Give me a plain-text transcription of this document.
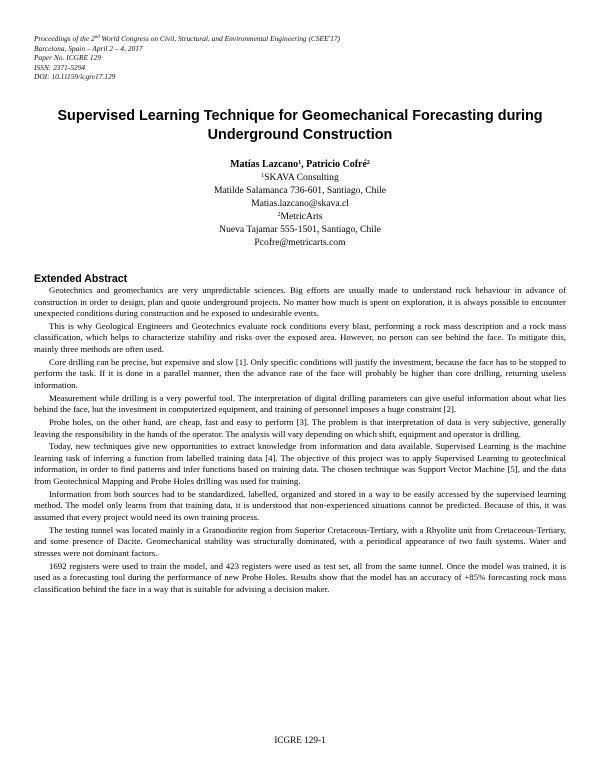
Proceedings of the 2nd World Congress on Civil, Structural, and Environmental Engineering (CSEE'17)
Barcelona, Spain – April 2 – 4, 2017
Paper No. ICGRE 129
ISSN: 2371-5294
DOI: 10.11159/icgre17.129
Supervised Learning Technique for Geomechanical Forecasting during
Underground Construction
Matías Lazcano$^1$, Patricio Cofré$^2$
$^1$SKAVA Consulting
Matilde Salamanca 736-601, Santiago, Chile
Matias.lazcano@skava.cl
$^2$MetricArts
Nueva Tajamar 555-1501, Santiago, Chile
Pcofre@metricarts.com
Extended Abstract

Geotechnics and geomechanics are very unpredictable sciences. Big efforts are usually made to understand rock behaviour in advance of construction in order to design, plan and quote underground projects. No matter how much is spent on exploration, it is always possible to encounter unexpected conditions during construction and be exposed to undesirable events.

This is why Geological Engineers and Geotechnics evaluate rock conditions every blast, performing a rock mass description and a rock mass classification, which helps to characterize stability and risks over the exposed area. However, no person can see behind the face. To mitigate this, mainly three methods are often used.

Core drilling can be precise, but expensive and slow [1]. Only specific conditions will justify the investment, because the face has to be stopped to perform the task. If it is done in a parallel manner, then the advance rate of the face will probably be higher than core drilling, returning useless information.

Measurement while drilling is a very powerful tool. The interpretation of digital drilling parameters can give useful information about what lies behind the face, but the investment in computerized equipment, and training of personnel imposes a huge constraint [2].

Probe holes, on the other hand, are cheap, fast and easy to perform [3]. The problem is that interpretation of data is very subjective, generally leaving the responsibility in the hands of the operator. The analysis will vary depending on which shift, equipment and operator is drilling.

Today, new techniques give new opportunities to extract knowledge from information and data available. Supervised Learning is the machine learning task of inferring a function from labelled training data [4]. The objective of this project was to apply Supervised Learning to geotechnical information, in order to find patterns and infer functions based on training data. The chosen technique was Support Vector Machine [5], and the data from Geotechnical Mapping and Probe Holes drilling was used for training.

Information from both sources had to be standardized, labelled, organized and stored in a way to be easily accessed by the supervised learning method. The model only learns from that training data, it is understood that non-experienced situations cannot be predicted. Because of this, it was assumed that every project would need its own training process.

The testing tunnel was located mainly in a Granodiorite region from Superior Cretaceous-Tertiary, with a Rhyolite unit from Cretaceous-Tertiary, and some presence of Dacite. Geomechanical stability was structurally dominated, with a periodical appearance of two fault systems. Water and stresses were not dominant factors.

1692 registers were used to train the model, and 423 registers were used as test set, all from the same tunnel. Once the model was trained, it is used as a forecasting tool during the performance of new Probe Holes. Results show that the model has an accuracy of +85% forecasting rock mass classification behind the face in a way that is suitable for advising a decision maker.

ICGRE 129-1
